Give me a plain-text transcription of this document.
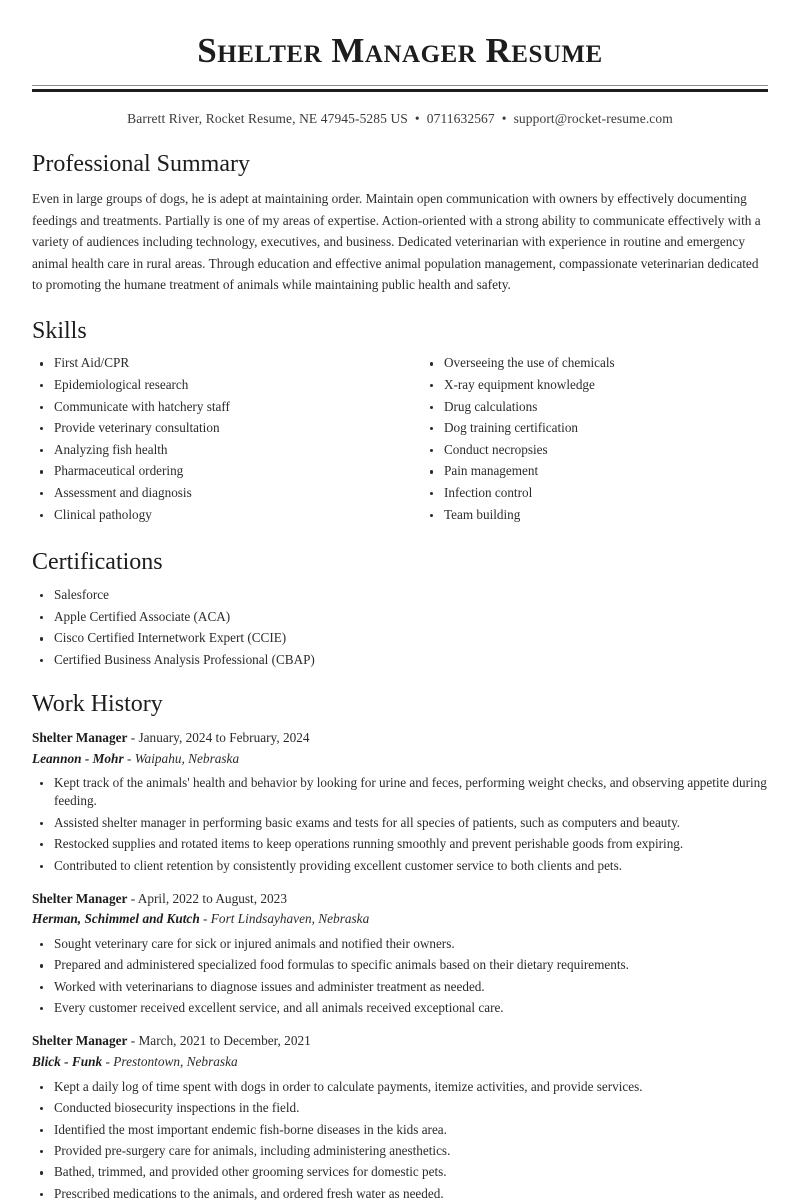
Shelter Manager Resume
Barrett River, Rocket Resume, NE 47945-5285 US • 0711632567 • support@rocket-resume.com
Professional Summary

Even in large groups of dogs, he is adept at maintaining order. Maintain open communication with owners by effectively documenting feedings and treatments. Partially is one of my areas of expertise. Action-oriented with a strong ability to communicate effectively with a variety of audiences including technology, executives, and business. Dedicated veterinarian with experience in routine and emergency animal health care in rural areas. Through education and effective animal population management, compassionate veterinarian dedicated to promoting the humane treatment of animals while maintaining public health and safety.

Skills
First Aid/CPR
Epidemiological research
Communicate with hatchery staff
Provide veterinary consultation
Analyzing fish health
Pharmaceutical ordering
Assessment and diagnosis
Clinical pathology
Overseeing the use of chemicals
X-ray equipment knowledge
Drug calculations
Dog training certification
Conduct necropsies
Pain management
Infection control
Team building
Certifications
Salesforce
Apple Certified Associate (ACA)
Cisco Certified Internetwork Expert (CCIE)
Certified Business Analysis Professional (CBAP)
Work History
Shelter Manager - January, 2024 to February, 2024
Leannon - Mohr - Waipahu, Nebraska
Kept track of the animals' health and behavior by looking for urine and feces, performing weight checks, and observing appetite during feeding.
Assisted shelter manager in performing basic exams and tests for all species of patients, such as computers and beauty.
Restocked supplies and rotated items to keep operations running smoothly and prevent perishable goods from expiring.
Contributed to client retention by consistently providing excellent customer service to both clients and pets.
Shelter Manager - April, 2022 to August, 2023
Herman, Schimmel and Kutch - Fort Lindsayhaven, Nebraska
Sought veterinary care for sick or injured animals and notified their owners.
Prepared and administered specialized food formulas to specific animals based on their dietary requirements.
Worked with veterinarians to diagnose issues and administer treatment as needed.
Every customer received excellent service, and all animals received exceptional care.
Shelter Manager - March, 2021 to December, 2021
Blick - Funk - Prestontown, Nebraska
Kept a daily log of time spent with dogs in order to calculate payments, itemize activities, and provide services.
Conducted biosecurity inspections in the field.
Identified the most important endemic fish-borne diseases in the kids area.
Provided pre-surgery care for animals, including administering anesthetics.
Bathed, trimmed, and provided other grooming services for domestic pets.
Prescribed medications to the animals, and ordered fresh water as needed.
